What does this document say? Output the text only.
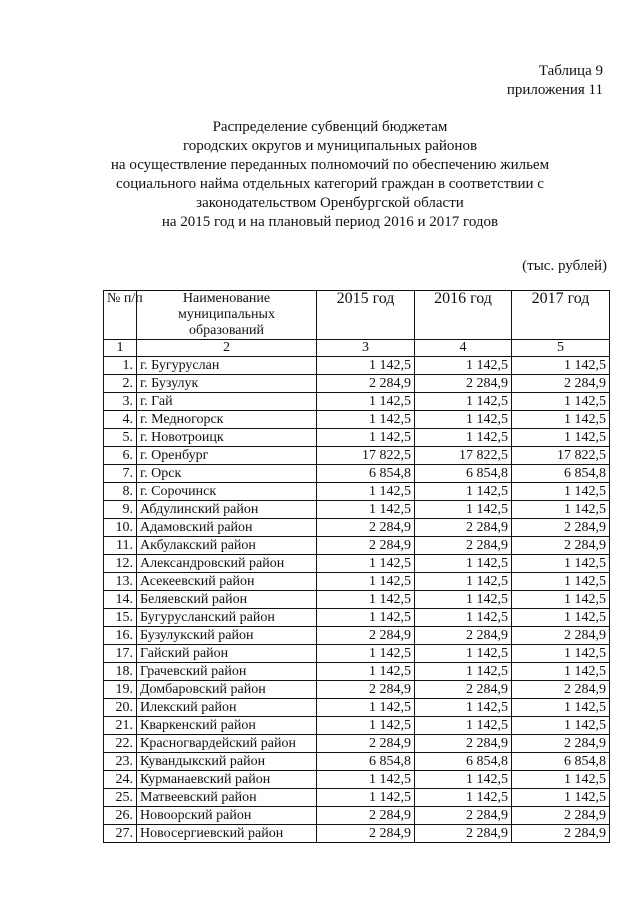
Таблица 9
приложения 11
Распределение субвенций бюджетам
городских округов и муниципальных районов
на осуществление переданных полномочий по обеспечению жильем
социального найма отдельных категорий граждан в соответствии с
законодательством Оренбургской области
на 2015 год и на плановый период 2016 и 2017 годов
(тыс. рублей)
№ п/п	Наименование муниципальных образований	2015 год	2016 год	2017 год
1	2	3	4	5
1.	г. Бугуруслан	1 142,5	1 142,5	1 142,5
2.	г. Бузулук	2 284,9	2 284,9	2 284,9
3.	г. Гай	1 142,5	1 142,5	1 142,5
4.	г. Медногорск	1 142,5	1 142,5	1 142,5
5.	г. Новотроицк	1 142,5	1 142,5	1 142,5
6.	г. Оренбург	17 822,5	17 822,5	17 822,5
7.	г. Орск	6 854,8	6 854,8	6 854,8
8.	г. Сорочинск	1 142,5	1 142,5	1 142,5
9.	Абдулинский район	1 142,5	1 142,5	1 142,5
10.	Адамовский район	2 284,9	2 284,9	2 284,9
11.	Акбулакский район	2 284,9	2 284,9	2 284,9
12.	Александровский район	1 142,5	1 142,5	1 142,5
13.	Асекеевский район	1 142,5	1 142,5	1 142,5
14.	Беляевский район	1 142,5	1 142,5	1 142,5
15.	Бугурусланский район	1 142,5	1 142,5	1 142,5
16.	Бузулукский район	2 284,9	2 284,9	2 284,9
17.	Гайский район	1 142,5	1 142,5	1 142,5
18.	Грачевский район	1 142,5	1 142,5	1 142,5
19.	Домбаровский район	2 284,9	2 284,9	2 284,9
20.	Илекский район	1 142,5	1 142,5	1 142,5
21.	Кваркенский район	1 142,5	1 142,5	1 142,5
22.	Красногвардейский район	2 284,9	2 284,9	2 284,9
23.	Кувандыкский район	6 854,8	6 854,8	6 854,8
24.	Курманаевский район	1 142,5	1 142,5	1 142,5
25.	Матвеевский район	1 142,5	1 142,5	1 142,5
26.	Новоорский район	2 284,9	2 284,9	2 284,9
27.	Новосергиевский район	2 284,9	2 284,9	2 284,9
